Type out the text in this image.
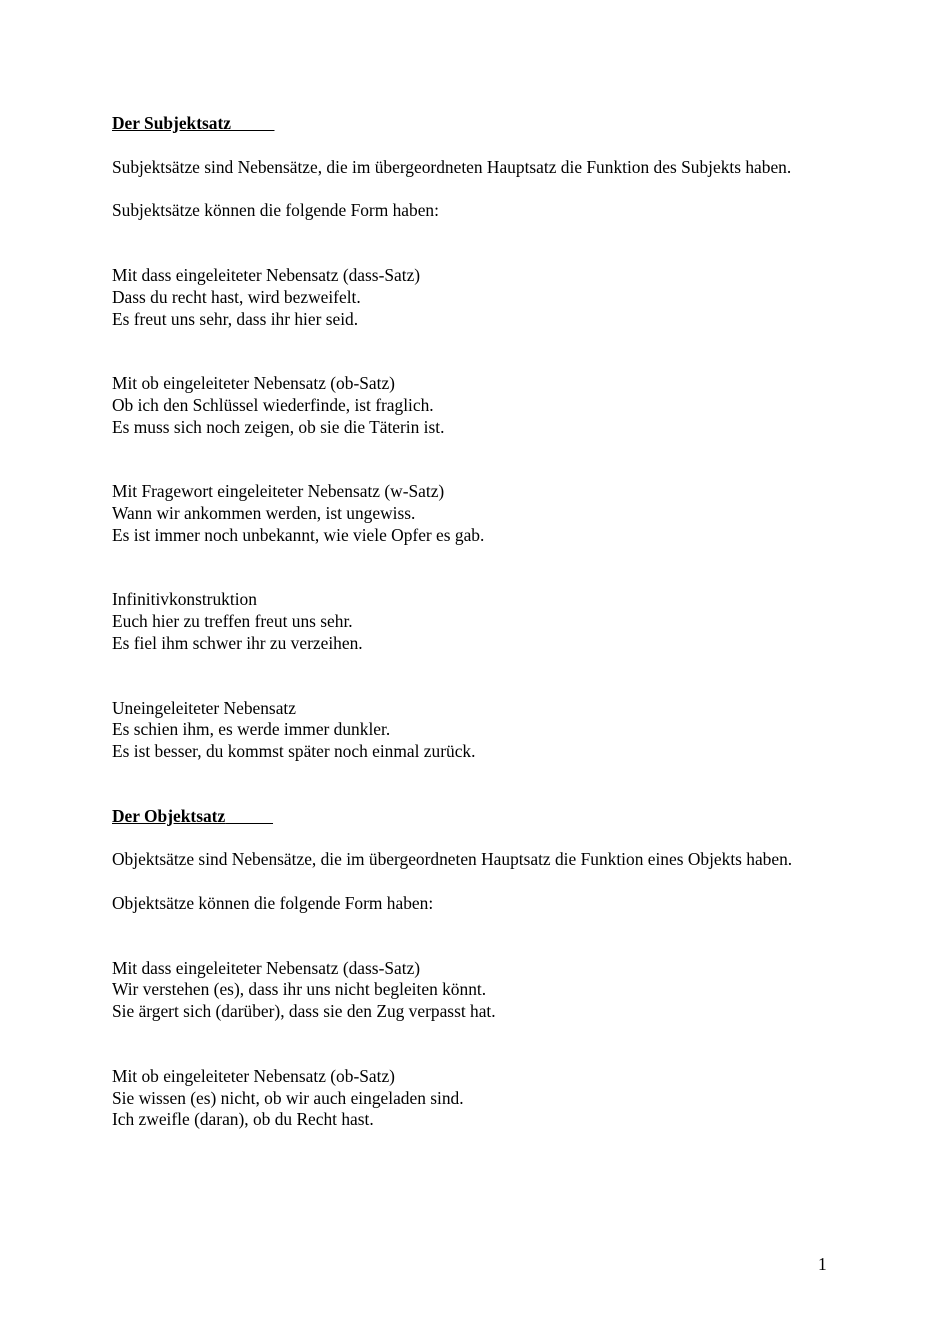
Der Subjektsatz

Subjektsätze sind Nebensätze, die im übergeordneten Hauptsatz die Funktion des Subjekts haben.

Subjektsätze können die folgende Form haben:

Mit dass eingeleiteter Nebensatz (dass-Satz)
Dass du recht hast, wird bezweifelt.
Es freut uns sehr, dass ihr hier seid.
Mit ob eingeleiteter Nebensatz (ob-Satz)
Ob ich den Schlüssel wiederfinde, ist fraglich.
Es muss sich noch zeigen, ob sie die Täterin ist.
Mit Fragewort eingeleiteter Nebensatz (w-Satz)
Wann wir ankommen werden, ist ungewiss.
Es ist immer noch unbekannt, wie viele Opfer es gab.
Infinitivkonstruktion
Euch hier zu treffen freut uns sehr.
Es fiel ihm schwer ihr zu verzeihen.
Uneingeleiteter Nebensatz
Es schien ihm, es werde immer dunkler.
Es ist besser, du kommst später noch einmal zurück.
Der Objektsatz

Objektsätze sind Nebensätze, die im übergeordneten Hauptsatz die Funktion eines Objekts haben.

Objektsätze können die folgende Form haben:

Mit dass eingeleiteter Nebensatz (dass-Satz)
Wir verstehen (es), dass ihr uns nicht begleiten könnt.
Sie ärgert sich (darüber), dass sie den Zug verpasst hat.
Mit ob eingeleiteter Nebensatz (ob-Satz)
Sie wissen (es) nicht, ob wir auch eingeladen sind.
Ich zweifle (daran), ob du Recht hast.
1
